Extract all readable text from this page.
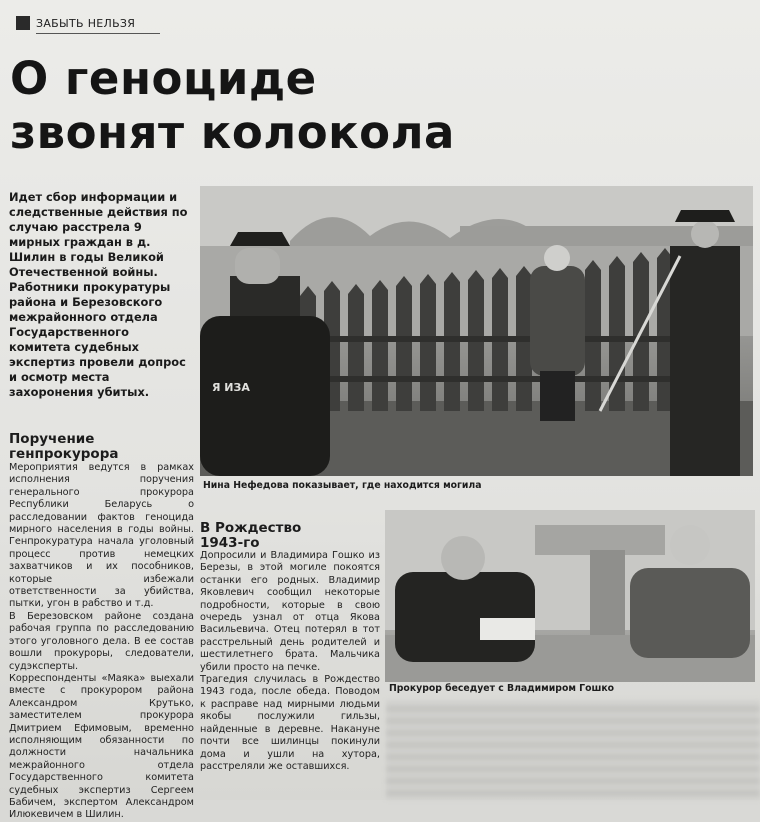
ЗАБЫТЬ НЕЛЬЗЯ
О геноциде
звонят колокола
Идет сбор информации и следственные действия по случаю расстрела 9 мирных граждан в д. Шилин в годы Великой Отечественной войны. Работники прокуратуры района и Березовского межрайонного отдела Государственного комитета судебных экспертиз провели допрос и осмотр места захоронения убитых.	Я ИЗА
Нина Нефедова показывает, где находится могила
Поручение
генпрокурора
Мероприятия ведутся в рамках исполнения поручения генерального прокурора Республики Беларусь о расследовании фактов геноцида мирного населения в годы войны. Генпрокуратура начала уголовный процесс против немецких захватчиков и их пособников, которые избежали ответственности за убийства, пытки, угон в рабство и т.д.
В Березовском районе создана рабочая группа по расследованию этого уголовного дела. В ее состав вошли прокуроры, следователи, судэксперты.
Корреспонденты «Маяка» выехали вместе с прокурором района Александром Крутько, заместителем прокурора Дмитрием Ефимовым, временно исполняющим обязанности по должности начальника межрайонного отдела Государственного комитета судебных экспертиз Сергеем Бабичем, экспертом Александром Илюкевичем в Шилин.
В Рождество
1943-го
Допросили и Владимира Гошко из Березы, в этой могиле покоятся останки его родных. Владимир Яковлевич сообщил некоторые подробности, которые в свою очередь узнал от отца Якова Васильевича. Отец потерял в тот расстрельный день родителей и шестилетнего брата. Мальчика убили просто на печке.
Трагедия случилась в Рождество 1943 года, после обеда. Поводом к расправе над мирными людьми якобы послужили гильзы, найденные в деревне. Накануне почти все шилинцы покинули дома и ушли на хутора, расстреляли же оставшихся.
Прокурор беседует с Владимиром Гошко
